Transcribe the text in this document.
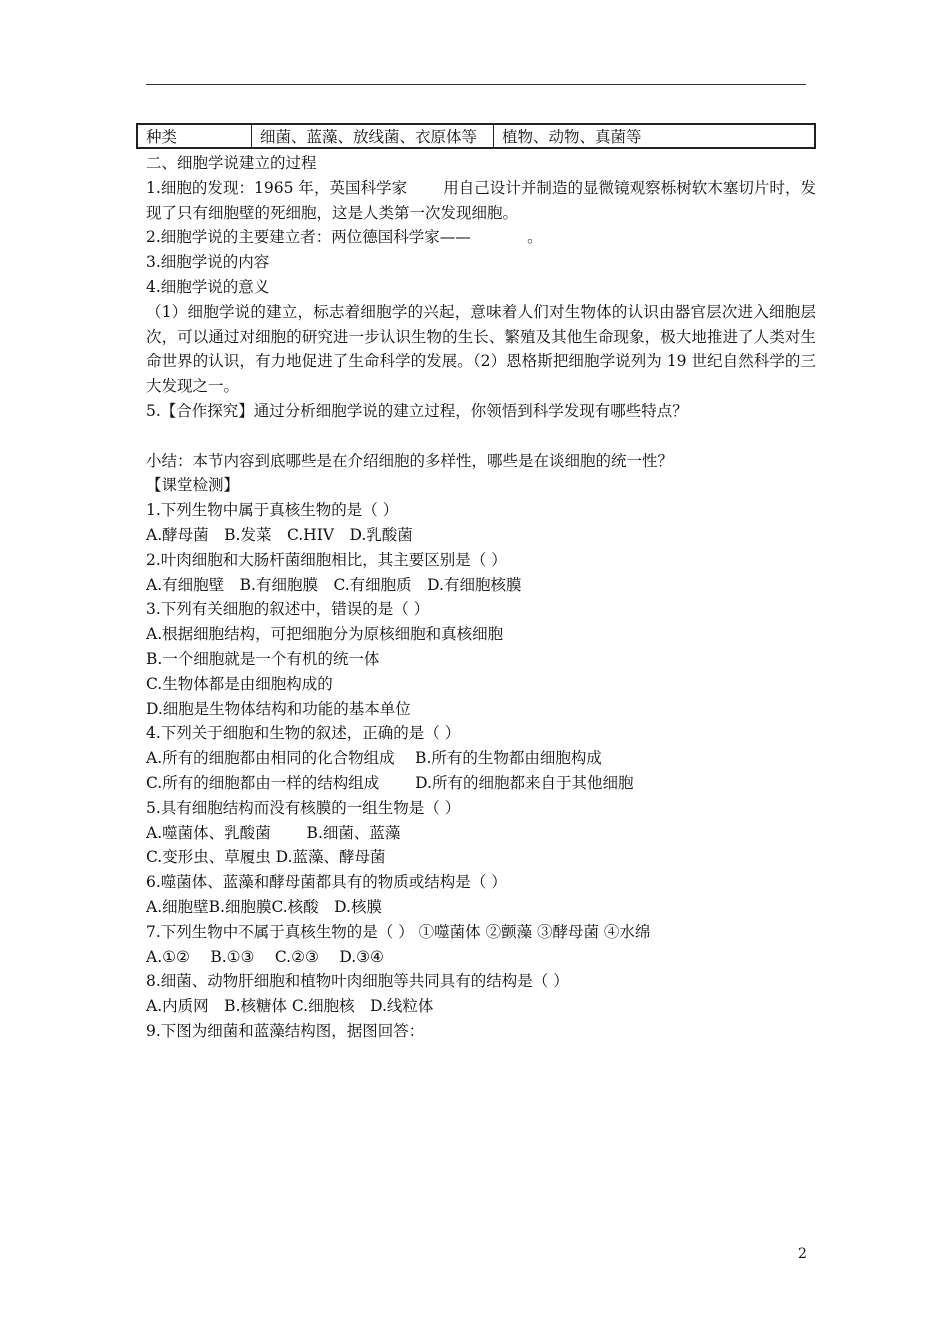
种类	细菌、蓝藻、放线菌、衣原体等	植物、动物、真菌等
二、细胞学说建立的过程
1.细胞的发现：1965 年，英国科学家 　　用自己设计并制造的显微镜观察栎树软木塞切片时，发现了只有细胞壁的死细胞，这是人类第一次发现细胞。
2.细胞学说的主要建立者：两位德国科学家—— 　　　 。
3.细胞学说的内容
4.细胞学说的意义
（1）细胞学说的建立，标志着细胞学的兴起，意味着人们对生物体的认识由器官层次进入细胞层次，可以通过对细胞的研究进一步认识生物的生长、繁殖及其他生命现象，极大地推进了人类对生命世界的认识，有力地促进了生命科学的发展。（2）恩格斯把细胞学说列为 19 世纪自然科学的三大发现之一。
5.【合作探究】通过分析细胞学说的建立过程，你领悟到科学发现有哪些特点？
小结：本节内容到底哪些是在介绍细胞的多样性，哪些是在谈细胞的统一性？
【课堂检测】
1.下列生物中属于真核生物的是（ ）
A.酵母菌　B.发菜　C.HIV　D.乳酸菌
2.叶肉细胞和大肠杆菌细胞相比，其主要区别是（ ）
A.有细胞壁　B.有细胞膜　C.有细胞质　D.有细胞核膜
3.下列有关细胞的叙述中，错误的是（ ）
A.根据细胞结构，可把细胞分为原核细胞和真核细胞
B.一个细胞就是一个有机的统一体
C.生物体都是由细胞构成的
D.细胞是生物体结构和功能的基本单位
4.下列关于细胞和生物的叙述，正确的是（ ）
A.所有的细胞都由相同的化合物组成　 B.所有的生物都由细胞构成
C.所有的细胞都由一样的结构组成　　 D.所有的细胞都来自于其他细胞
5.具有细胞结构而没有核膜的一组生物是（ ）
A.噬菌体、乳酸菌　　 B.细菌、蓝藻
C.变形虫、草履虫 D.蓝藻、酵母菌
6.噬菌体、蓝藻和酵母菌都具有的物质或结构是（ ）
A.细胞壁B.细胞膜C.核酸　D.核膜
7.下列生物中不属于真核生物的是（ ） ①噬菌体 ②颤藻 ③酵母菌 ④水绵
A.①②　 B.①③　 C.②③　 D.③④
8.细菌、动物肝细胞和植物叶肉细胞等共同具有的结构是（ ）
A.内质网　B.核糖体 C.细胞核　D.线粒体
9.下图为细菌和蓝藻结构图，据图回答：
2
